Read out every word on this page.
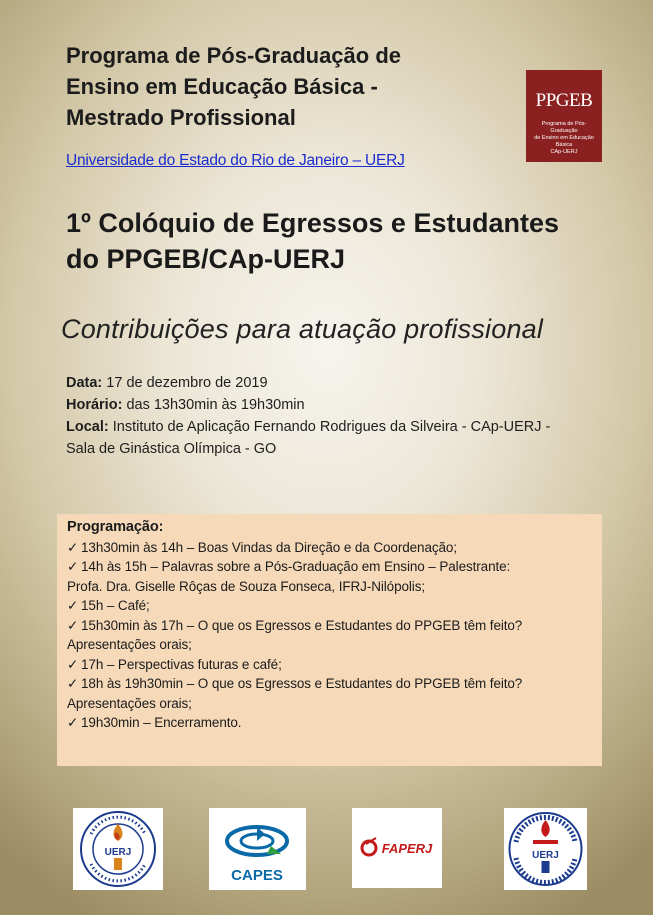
Programa de Pós-Graduação de
Ensino em Educação Básica -
Mestrado Profissional
Universidade do Estado do Rio de Janeiro – UERJ
PPGEB
Programa de Pós-Graduação
de Ensino em Educação Básica
CAp-UERJ
1º Colóquio de Egressos e Estudantes
do PPGEB/CAp-UERJ
Contribuições para atuação profissional
Data: 17 de dezembro de 2019
Horário: das 13h30min às 19h30min
Local: Instituto de Aplicação Fernando Rodrigues da Silveira - CAp-UERJ -
Sala de Ginástica Olímpica - GO
Programação:
✓ 13h30min às 14h – Boas Vindas da Direção e da Coordenação;
✓ 14h às 15h – Palavras sobre a Pós-Graduação em Ensino – Palestrante:
Profa. Dra. Giselle Rôças de Souza Fonseca, IFRJ-Nilópolis;
✓ 15h – Café;
✓ 15h30min às 17h – O que os Egressos e Estudantes do PPGEB têm feito?
Apresentações orais;
✓ 17h – Perspectivas futuras e café;
✓ 18h às 19h30min – O que os Egressos e Estudantes do PPGEB têm feito?
Apresentações orais;
✓ 19h30min – Encerramento.
UERJ
CAPES
FAPERJ	UERJ
